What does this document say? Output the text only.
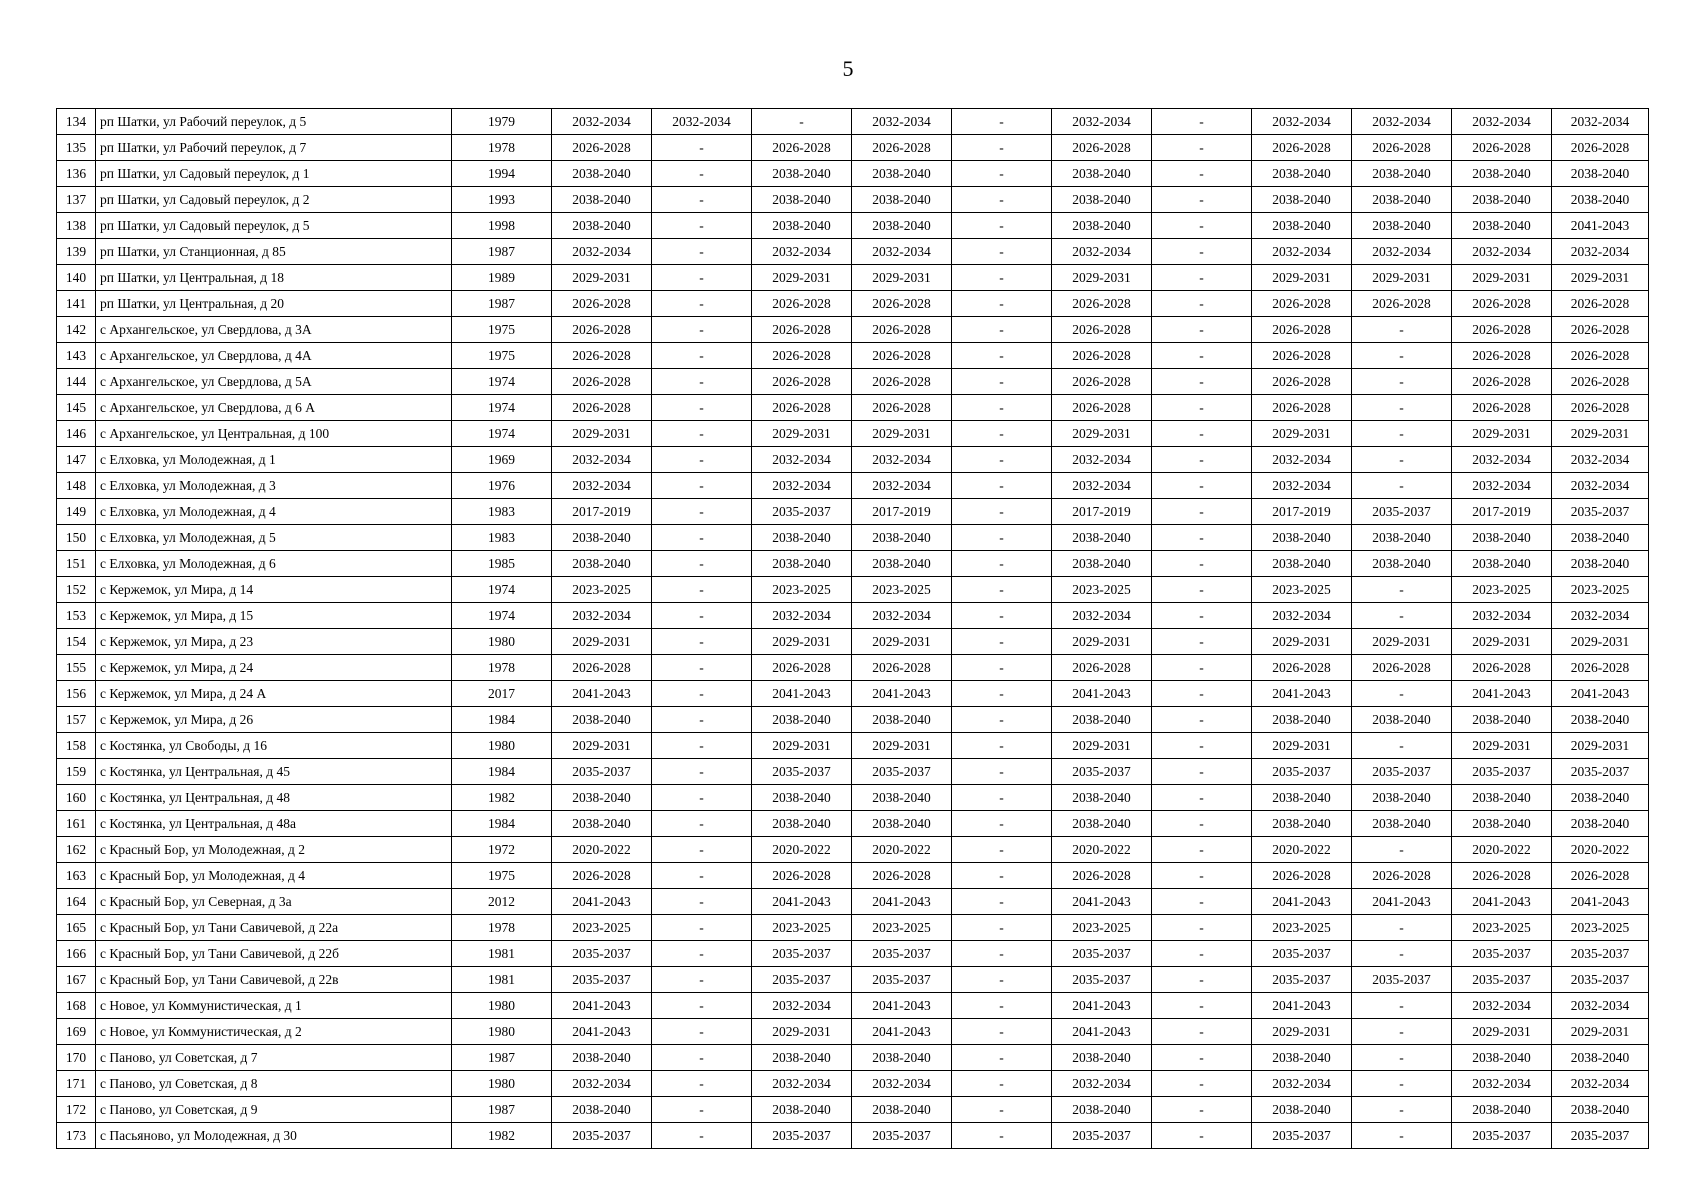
5
134	рп Шатки, ул Рабочий переулок, д 5	1979	2032-2034	2032-2034	-	2032-2034	-	2032-2034	-	2032-2034	2032-2034	2032-2034	2032-2034
135	рп Шатки, ул Рабочий переулок, д 7	1978	2026-2028	-	2026-2028	2026-2028	-	2026-2028	-	2026-2028	2026-2028	2026-2028	2026-2028
136	рп Шатки, ул Садовый переулок, д 1	1994	2038-2040	-	2038-2040	2038-2040	-	2038-2040	-	2038-2040	2038-2040	2038-2040	2038-2040
137	рп Шатки, ул Садовый переулок, д 2	1993	2038-2040	-	2038-2040	2038-2040	-	2038-2040	-	2038-2040	2038-2040	2038-2040	2038-2040
138	рп Шатки, ул Садовый переулок, д 5	1998	2038-2040	-	2038-2040	2038-2040	-	2038-2040	-	2038-2040	2038-2040	2038-2040	2041-2043
139	рп Шатки, ул Станционная, д 85	1987	2032-2034	-	2032-2034	2032-2034	-	2032-2034	-	2032-2034	2032-2034	2032-2034	2032-2034
140	рп Шатки, ул Центральная, д 18	1989	2029-2031	-	2029-2031	2029-2031	-	2029-2031	-	2029-2031	2029-2031	2029-2031	2029-2031
141	рп Шатки, ул Центральная, д 20	1987	2026-2028	-	2026-2028	2026-2028	-	2026-2028	-	2026-2028	2026-2028	2026-2028	2026-2028
142	с Архангельское, ул Свердлова, д 3А	1975	2026-2028	-	2026-2028	2026-2028	-	2026-2028	-	2026-2028	-	2026-2028	2026-2028
143	с Архангельское, ул Свердлова, д 4А	1975	2026-2028	-	2026-2028	2026-2028	-	2026-2028	-	2026-2028	-	2026-2028	2026-2028
144	с Архангельское, ул Свердлова, д 5А	1974	2026-2028	-	2026-2028	2026-2028	-	2026-2028	-	2026-2028	-	2026-2028	2026-2028
145	с Архангельское, ул Свердлова, д 6 А	1974	2026-2028	-	2026-2028	2026-2028	-	2026-2028	-	2026-2028	-	2026-2028	2026-2028
146	с Архангельское, ул Центральная, д 100	1974	2029-2031	-	2029-2031	2029-2031	-	2029-2031	-	2029-2031	-	2029-2031	2029-2031
147	с Елховка, ул Молодежная, д 1	1969	2032-2034	-	2032-2034	2032-2034	-	2032-2034	-	2032-2034	-	2032-2034	2032-2034
148	с Елховка, ул Молодежная, д 3	1976	2032-2034	-	2032-2034	2032-2034	-	2032-2034	-	2032-2034	-	2032-2034	2032-2034
149	с Елховка, ул Молодежная, д 4	1983	2017-2019	-	2035-2037	2017-2019	-	2017-2019	-	2017-2019	2035-2037	2017-2019	2035-2037
150	с Елховка, ул Молодежная, д 5	1983	2038-2040	-	2038-2040	2038-2040	-	2038-2040	-	2038-2040	2038-2040	2038-2040	2038-2040
151	с Елховка, ул Молодежная, д 6	1985	2038-2040	-	2038-2040	2038-2040	-	2038-2040	-	2038-2040	2038-2040	2038-2040	2038-2040
152	с Кержемок, ул Мира, д 14	1974	2023-2025	-	2023-2025	2023-2025	-	2023-2025	-	2023-2025	-	2023-2025	2023-2025
153	с Кержемок, ул Мира, д 15	1974	2032-2034	-	2032-2034	2032-2034	-	2032-2034	-	2032-2034	-	2032-2034	2032-2034
154	с Кержемок, ул Мира, д 23	1980	2029-2031	-	2029-2031	2029-2031	-	2029-2031	-	2029-2031	2029-2031	2029-2031	2029-2031
155	с Кержемок, ул Мира, д 24	1978	2026-2028	-	2026-2028	2026-2028	-	2026-2028	-	2026-2028	2026-2028	2026-2028	2026-2028
156	с Кержемок, ул Мира, д 24 А	2017	2041-2043	-	2041-2043	2041-2043	-	2041-2043	-	2041-2043	-	2041-2043	2041-2043
157	с Кержемок, ул Мира, д 26	1984	2038-2040	-	2038-2040	2038-2040	-	2038-2040	-	2038-2040	2038-2040	2038-2040	2038-2040
158	с Костянка, ул Свободы, д 16	1980	2029-2031	-	2029-2031	2029-2031	-	2029-2031	-	2029-2031	-	2029-2031	2029-2031
159	с Костянка, ул Центральная, д 45	1984	2035-2037	-	2035-2037	2035-2037	-	2035-2037	-	2035-2037	2035-2037	2035-2037	2035-2037
160	с Костянка, ул Центральная, д 48	1982	2038-2040	-	2038-2040	2038-2040	-	2038-2040	-	2038-2040	2038-2040	2038-2040	2038-2040
161	с Костянка, ул Центральная, д 48а	1984	2038-2040	-	2038-2040	2038-2040	-	2038-2040	-	2038-2040	2038-2040	2038-2040	2038-2040
162	с Красный Бор, ул Молодежная, д 2	1972	2020-2022	-	2020-2022	2020-2022	-	2020-2022	-	2020-2022	-	2020-2022	2020-2022
163	с Красный Бор, ул Молодежная, д 4	1975	2026-2028	-	2026-2028	2026-2028	-	2026-2028	-	2026-2028	2026-2028	2026-2028	2026-2028
164	с Красный Бор, ул Северная, д 3а	2012	2041-2043	-	2041-2043	2041-2043	-	2041-2043	-	2041-2043	2041-2043	2041-2043	2041-2043
165	с Красный Бор, ул Тани Савичевой, д 22а	1978	2023-2025	-	2023-2025	2023-2025	-	2023-2025	-	2023-2025	-	2023-2025	2023-2025
166	с Красный Бор, ул Тани Савичевой, д 22б	1981	2035-2037	-	2035-2037	2035-2037	-	2035-2037	-	2035-2037	-	2035-2037	2035-2037
167	с Красный Бор, ул Тани Савичевой, д 22в	1981	2035-2037	-	2035-2037	2035-2037	-	2035-2037	-	2035-2037	2035-2037	2035-2037	2035-2037
168	с Новое, ул Коммунистическая, д 1	1980	2041-2043	-	2032-2034	2041-2043	-	2041-2043	-	2041-2043	-	2032-2034	2032-2034
169	с Новое, ул Коммунистическая, д 2	1980	2041-2043	-	2029-2031	2041-2043	-	2041-2043	-	2029-2031	-	2029-2031	2029-2031
170	с Паново, ул Советская, д 7	1987	2038-2040	-	2038-2040	2038-2040	-	2038-2040	-	2038-2040	-	2038-2040	2038-2040
171	с Паново, ул Советская, д 8	1980	2032-2034	-	2032-2034	2032-2034	-	2032-2034	-	2032-2034	-	2032-2034	2032-2034
172	с Паново, ул Советская, д 9	1987	2038-2040	-	2038-2040	2038-2040	-	2038-2040	-	2038-2040	-	2038-2040	2038-2040
173	с Пасьяново, ул Молодежная, д 30	1982	2035-2037	-	2035-2037	2035-2037	-	2035-2037	-	2035-2037	-	2035-2037	2035-2037
